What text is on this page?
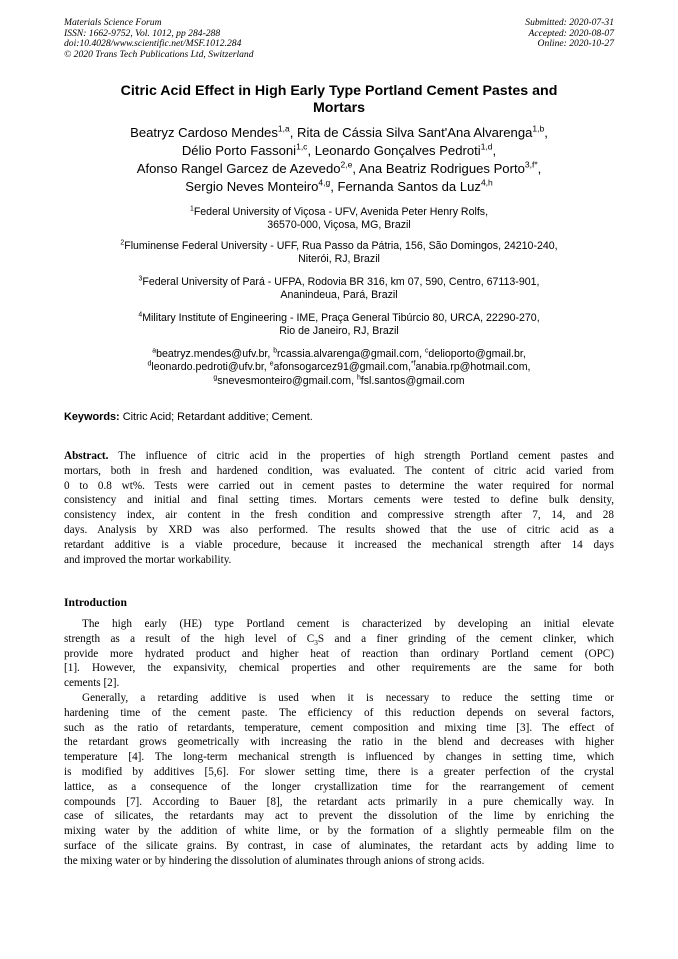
Materials Science Forum
ISSN: 1662-9752, Vol. 1012, pp 284-288
doi:10.4028/www.scientific.net/MSF.1012.284
© 2020 Trans Tech Publications Ltd, Switzerland
Submitted: 2020-07-31
Accepted: 2020-08-07
Online: 2020-10-27
Citric Acid Effect in High Early Type Portland Cement Pastes and
Mortars
Beatryz Cardoso Mendes$^{1,a}$, Rita de Cássia Silva Sant'Ana Alvarenga$^{1,b}$,
Délio Porto Fassoni$^{1,c}$, Leonardo Gonçalves Pedroti$^{1,d}$,
Afonso Rangel Garcez de Azevedo$^{2,e}$, Ana Beatriz Rodrigues Porto$^{3,f*}$,
Sergio Neves Monteiro$^{4,g}$, Fernanda Santos da Luz$^{4,h}$
$^1$Federal University of Viçosa - UFV, Avenida Peter Henry Rolfs,
36570-000, Viçosa, MG, Brazil
$^2$Fluminense Federal University - UFF, Rua Passo da Pátria, 156, São Domingos, 24210-240,
Niterói, RJ, Brazil
$^3$Federal University of Pará - UFPA, Rodovia BR 316, km 07, 590, Centro, 67113-901,
Ananindeua, Pará, Brazil
$^4$Military Institute of Engineering - IME, Praça General Tibúrcio 80, URCA, 22290-270,
Rio de Janeiro, RJ, Brazil
$^a$beatryz.mendes@ufv.br, $^b$rcassia.alvarenga@gmail.com, $^c$delioporto@gmail.br,
$^d$leonardo.pedroti@ufv.br, $^e$afonsogarcez91@gmail.com,$^{*f}$anabia.rp@hotmail.com,
$^g$snevesmonteiro@gmail.com, $^h$fsl.santos@gmail.com
Keywords: Citric Acid; Retardant additive; Cement.
Abstract. The influence of citric acid in the properties of high strength Portland cement pastes and
mortars, both in fresh and hardened condition, was evaluated. The content of citric acid varied from
0 to 0.8 wt%. Tests were carried out in cement pastes to determine the water required for normal
consistency and initial and final setting times. Mortars cements were tested to define bulk density,
consistency index, air content in the fresh condition and compressive strength after 7, 14, and 28
days. Analysis by XRD was also performed. The results showed that the use of citric acid as a
retardant additive is a viable procedure, because it increased the mechanical strength after 14 days
and improved the mortar workability.
Introduction
The high early (HE) type Portland cement is characterized by developing an initial elevate
strength as a result of the high level of $C_3S$ and a finer grinding of the cement clinker, which
provide more hydrated product and higher heat of reaction than ordinary Portland cement (OPC)
[1]. However, the expansivity, chemical properties and other requirements are the same for both
cements [2].
Generally, a retarding additive is used when it is necessary to reduce the setting time or
hardening time of the cement paste. The efficiency of this reduction depends on several factors,
such as the ratio of retardants, temperature, cement composition and mixing time [3]. The effect of
the retardant grows geometrically with increasing the ratio in the blend and decreases with higher
temperature [4]. The long-term mechanical strength is influenced by changes in setting time, which
is modified by additives [5,6]. For slower setting time, there is a greater perfection of the crystal
lattice, as a consequence of the longer crystallization time for the rearrangement of cement
compounds [7]. According to Bauer [8], the retardant acts primarily in a pure chemically way. In
case of silicates, the retardants may act to prevent the dissolution of the lime by enriching the
mixing water by the addition of white lime, or by the formation of a slightly permeable film on the
surface of the silicate grains. By contrast, in case of aluminates, the retardant acts by adding lime to
the mixing water or by hindering the dissolution of aluminates through anions of strong acids.
